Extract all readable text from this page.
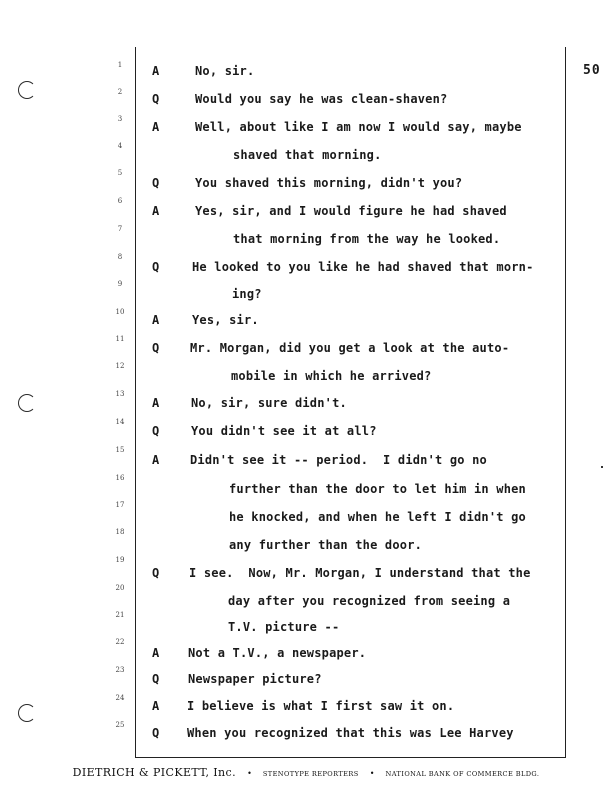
50
1
2
3
4
5
6
7
8
9
10
11
12
13
14
15
16
17
18
19
20
21
22
23
24
25
A
Q
A
Q
A
Q
A
Q
A
Q
A
Q
A
Q
A
Q
No, sir.
Would you say he was clean-shaven?
Well, about like I am now I would say, maybe
shaved that morning.
You shaved this morning, didn't you?
Yes, sir, and I would figure he had shaved
that morning from the way he looked.
He looked to you like he had shaved that morn-
ing?
Yes, sir.
Mr. Morgan, did you get a look at the auto-
mobile in which he arrived?
No, sir, sure didn't.
You didn't see it at all?
Didn't see it -- period.  I didn't go no
further than the door to let him in when
he knocked, and when he left I didn't go
any further than the door.
I see.  Now, Mr. Morgan, I understand that the
day after you recognized from seeing a
T.V. picture --
Not a T.V., a newspaper.
Newspaper picture?
I believe is what I first saw it on.
When you recognized that this was Lee Harvey
DIETRICH & PICKETT, Inc. • STENOTYPE REPORTERS • NATIONAL BANK OF COMMERCE BLDG.
